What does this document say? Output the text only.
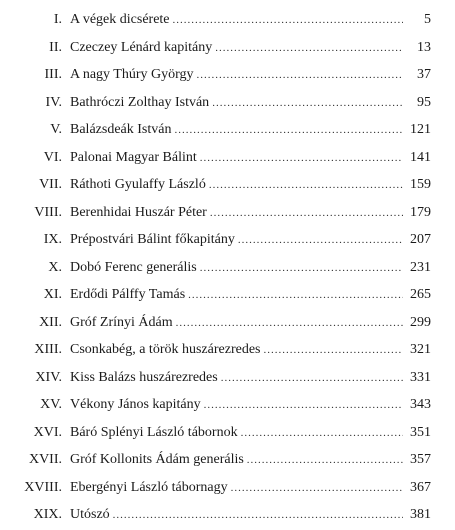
I. A végek dicsérete .....	5
II. Czeczey Lénárd kapitány .....	13
III. A nagy Thúry György .....	37
IV. Bathróczi Zolthay István .....	95
V. Balázsdeák István .....	121
VI. Palonai Magyar Bálint .....	141
VII. Ráthoti Gyulaffy László .....	159
VIII. Berenhidai Huszár Péter .....	179
IX. Prépostvári Bálint főkapitány .....	207
X. Dobó Ferenc generális .....	231
XI. Erdődi Pálffy Tamás .....	265
XII. Gróf Zrínyi Ádám .....	299
XIII. Csonkabég, a török huszárezredes .....	321
XIV. Kiss Balázs huszárezredes .....	331
XV. Vékony János kapitány .....	343
XVI. Báró Splényi László tábornok .....	351
XVII. Gróf Kollonits Ádám generális .....	357
XVIII. Ebergényi László tábornagy .....	367
XIX. Utószó .....	381
